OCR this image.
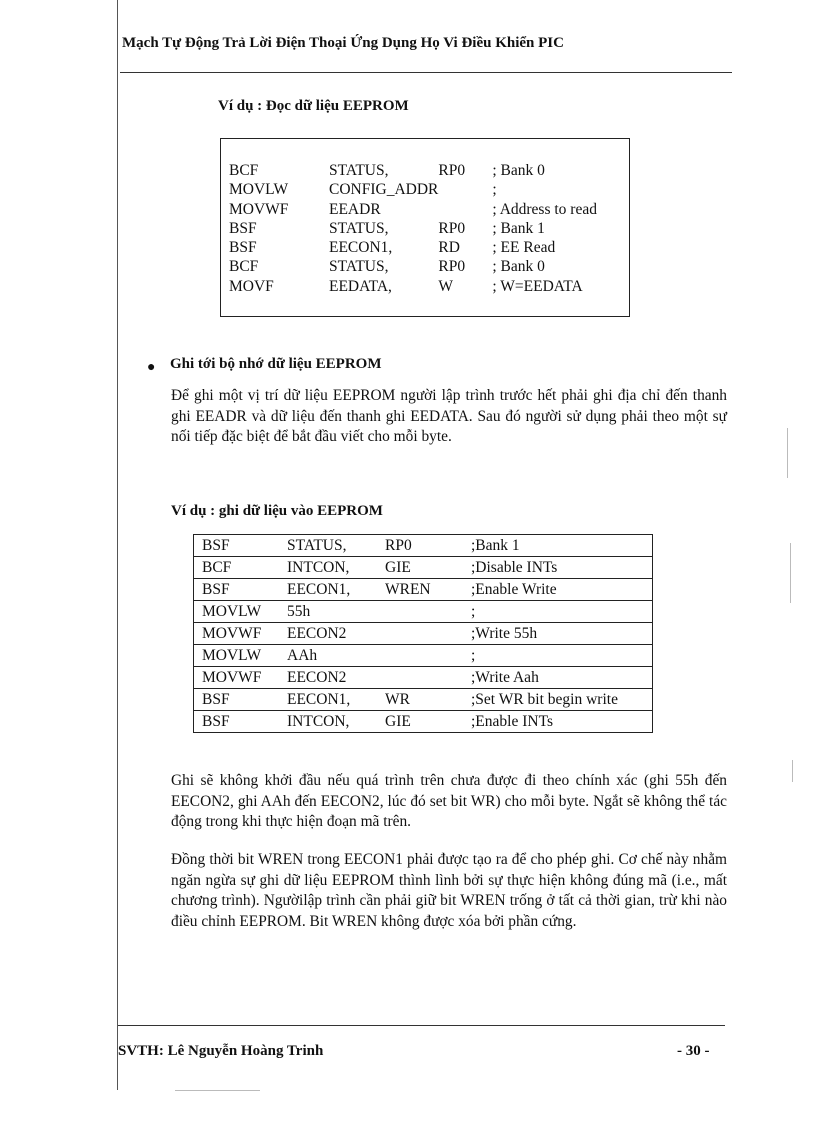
Mạch Tự Động Trả Lời Điện Thoại Ứng Dụng Họ Vi Điều Khiển PIC
Ví dụ : Đọc dữ liệu EEPROM
BCF	STATUS,	RP0	; Bank 0
MOVLW	CONFIG_ADDR		;
MOVWF	EEADR		; Address to read
BSF	STATUS,	RP0	; Bank 1
BSF	EECON1,	RD	; EE Read
BCF	STATUS,	RP0	; Bank 0
MOVF	EEDATA,	W	; W=EEDATA
● Ghi tới bộ nhớ dữ liệu EEPROM
Để ghi một vị trí dữ liệu EEPROM người lập trình trước hết phải ghi địa chỉ đến thanh ghi EEADR và dữ liệu đến thanh ghi EEDATA. Sau đó người sử dụng phải theo một sự nối tiếp đặc biệt để bắt đầu viết cho mỗi byte.
Ví dụ : ghi dữ liệu vào EEPROM
BSF	STATUS,	RP0	;Bank 1
BCF	INTCON,	GIE	;Disable INTs
BSF	EECON1,	WREN	;Enable Write
MOVLW	55h		;
MOVWF	EECON2		;Write 55h
MOVLW	AAh		;
MOVWF	EECON2		;Write Aah
BSF	EECON1,	WR	;Set WR bit begin write
BSF	INTCON,	GIE	;Enable INTs
Ghi sẽ không khởi đầu nếu quá trình trên chưa được đi theo chính xác (ghi 55h đến EECON2, ghi AAh đến EECON2, lúc đó set bit WR) cho mỗi byte. Ngắt sẽ không thể tác động trong khi thực hiện đoạn mã trên.
Đồng thời bit WREN trong EECON1 phải được tạo ra để cho phép ghi. Cơ chế này nhằm ngăn ngừa sự ghi dữ liệu EEPROM thình lình bởi sự thực hiện không đúng mã (i.e., mất chương trình). Ngườilập trình cần phải giữ bit WREN trống ở tất cả thời gian, trừ khi nào điều chỉnh EEPROM. Bit WREN không được xóa bởi phần cứng.
SVTH: Lê Nguyễn Hoàng Trinh	- 30 -
